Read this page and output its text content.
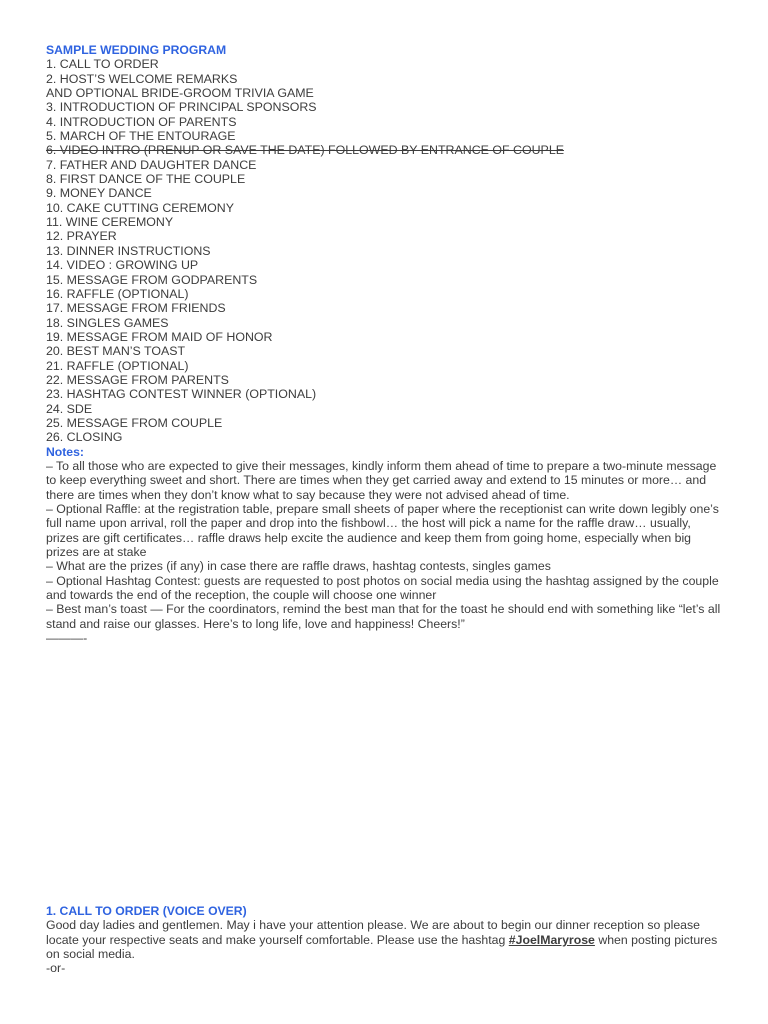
SAMPLE WEDDING PROGRAM
1. CALL TO ORDER
2. HOST’S WELCOME REMARKS
AND OPTIONAL BRIDE-GROOM TRIVIA GAME
3. INTRODUCTION OF PRINCIPAL SPONSORS
4. INTRODUCTION OF PARENTS
5. MARCH OF THE ENTOURAGE
6. VIDEO INTRO (PRENUP OR SAVE THE DATE) FOLLOWED BY ENTRANCE OF COUPLE
7. FATHER AND DAUGHTER DANCE
8. FIRST DANCE OF THE COUPLE
9. MONEY DANCE
10. CAKE CUTTING CEREMONY
11. WINE CEREMONY
12. PRAYER
13. DINNER INSTRUCTIONS
14. VIDEO : GROWING UP
15. MESSAGE FROM GODPARENTS
16. RAFFLE (OPTIONAL)
17. MESSAGE FROM FRIENDS
18. SINGLES GAMES
19. MESSAGE FROM MAID OF HONOR
20. BEST MAN’S TOAST
21. RAFFLE (OPTIONAL)
22. MESSAGE FROM PARENTS
23. HASHTAG CONTEST WINNER (OPTIONAL)
24. SDE
25. MESSAGE FROM COUPLE
26. CLOSING
Notes:
– To all those who are expected to give their messages, kindly inform them ahead of time to prepare a two-minute message to keep everything sweet and short. There are times when they get carried away and extend to 15 minutes or more… and there are times when they don’t know what to say because they were not advised ahead of time.
– Optional Raffle: at the registration table, prepare small sheets of paper where the receptionist can write down legibly one’s full name upon arrival, roll the paper and drop into the fishbowl… the host will pick a name for the raffle draw… usually, prizes are gift certificates… raffle draws help excite the audience and keep them from going home, especially when big prizes are at stake
– What are the prizes (if any) in case there are raffle draws, hashtag contests, singles games
– Optional Hashtag Contest: guests are requested to post photos on social media using the hashtag assigned by the couple and towards the end of the reception, the couple will choose one winner
– Best man’s toast — For the coordinators, remind the best man that for the toast he should end with something like “let’s all stand and raise our glasses. Here’s to long life, love and happiness! Cheers!”
———-
1. CALL TO ORDER (VOICE OVER)
Good day ladies and gentlemen. May i have your attention please. We are about to begin our dinner reception so please locate your respective seats and make yourself comfortable. Please use the hashtag #JoelMaryrose when posting pictures on social media.
-or-
